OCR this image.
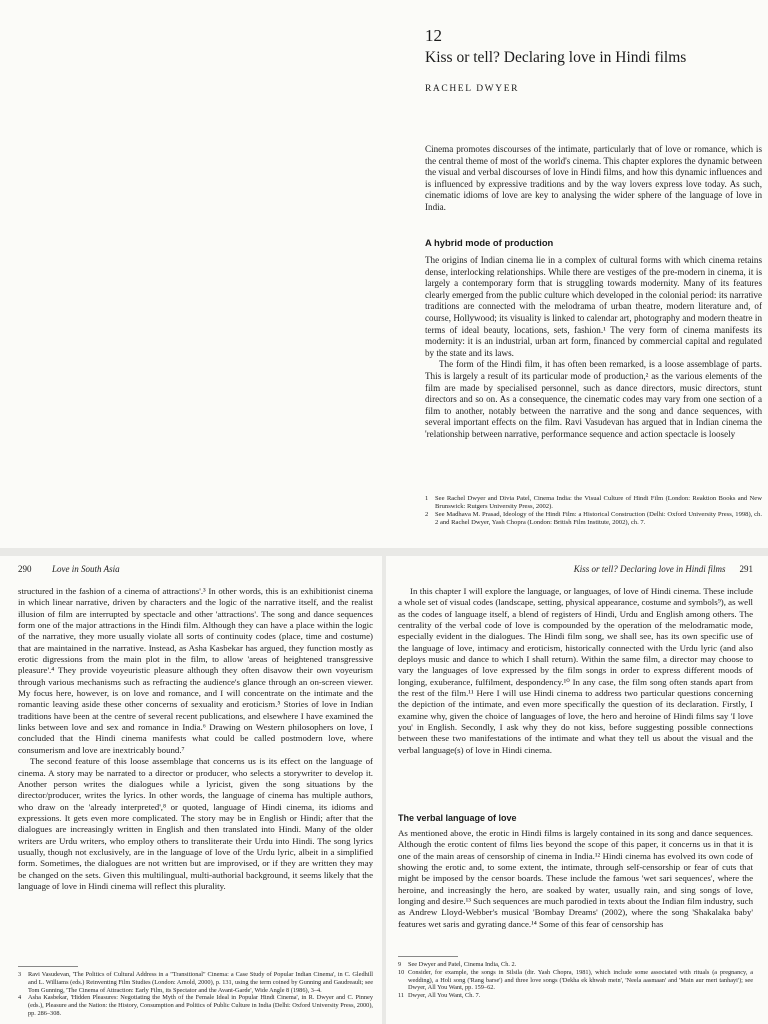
12
Kiss or tell? Declaring love in Hindi films
RACHEL DWYER

Cinema promotes discourses of the intimate, particularly that of love or romance, which is the central theme of most of the world's cinema. This chapter explores the dynamic between the visual and verbal discourses of love in Hindi films, and how this dynamic influences and is influenced by expressive traditions and by the way lovers express love today. As such, cinematic idioms of love are key to analysing the wider sphere of the language of love in India.

A hybrid mode of production

The origins of Indian cinema lie in a complex of cultural forms with which cinema retains dense, interlocking relationships. While there are vestiges of the pre-modern in cinema, it is largely a contemporary form that is struggling towards modernity. Many of its features clearly emerged from the public culture which developed in the colonial period: its narrative traditions are connected with the melodrama of urban theatre, modern literature and, of course, Hollywood; its visuality is linked to calendar art, photography and modern theatre in terms of ideal beauty, locations, sets, fashion.¹ The very form of cinema manifests its modernity: it is an industrial, urban art form, financed by commercial capital and regulated by the state and its laws.

The form of the Hindi film, it has often been remarked, is a loose assemblage of parts. This is largely a result of its particular mode of production,² as the various elements of the film are made by specialised personnel, such as dance directors, music directors, stunt directors and so on. As a consequence, the cinematic codes may vary from one section of a film to another, notably between the narrative and the song and dance sequences, with several important effects on the film. Ravi Vasudevan has argued that in Indian cinema the 'relationship between narrative, performance sequence and action spectacle is loosely

1	See Rachel Dwyer and Divia Patel, Cinema India: the Visual Culture of Hindi Film (London: Reaktion Books and New Brunswick: Rutgers University Press, 2002).
2	See Madhava M. Prasad, Ideology of the Hindi Film: a Historical Construction (Delhi: Oxford University Press, 1998), ch. 2 and Rachel Dwyer, Yash Chopra (London: British Film Institute, 2002), ch. 7.
290 Love in South Asia

structured in the fashion of a cinema of attractions'.³ In other words, this is an exhibitionist cinema in which linear narrative, driven by characters and the logic of the narrative itself, and the realist illusion of film are interrupted by spectacle and other 'attractions'. The song and dance sequences form one of the major attractions in the Hindi film. Although they can have a place within the logic of the narrative, they more usually violate all sorts of continuity codes (place, time and costume) that are maintained in the narrative. Instead, as Asha Kasbekar has argued, they function mostly as erotic digressions from the main plot in the film, to allow 'areas of heightened transgressive pleasure'.⁴ They provide voyeuristic pleasure although they often disavow their own voyeurism through various mechanisms such as refracting the audience's glance through an on-screen viewer. My focus here, however, is on love and romance, and I will concentrate on the intimate and the romantic leaving aside these other concerns of sexuality and eroticism.⁵ Stories of love in Indian traditions have been at the centre of several recent publications, and elsewhere I have examined the links between love and sex and romance in India.⁶ Drawing on Western philosophers on love, I concluded that the Hindi cinema manifests what could be called postmodern love, where consumerism and love are inextricably bound.⁷

The second feature of this loose assemblage that concerns us is its effect on the language of cinema. A story may be narrated to a director or producer, who selects a storywriter to develop it. Another person writes the dialogues while a lyricist, given the song situations by the director/producer, writes the lyrics. In other words, the language of cinema has multiple authors, who draw on the 'already interpreted',⁸ or quoted, language of Hindi cinema, its idioms and expressions. It gets even more complicated. The story may be in English or Hindi; after that the dialogues are increasingly written in English and then translated into Hindi. Many of the older writers are Urdu writers, who employ others to transliterate their Urdu into Hindi. The song lyrics usually, though not exclusively, are in the language of love of the Urdu lyric, albeit in a simplified form. Sometimes, the dialogues are not written but are improvised, or if they are written they may be changed on the sets. Given this multilingual, multi-authorial background, it seems likely that the language of love in Hindi cinema will reflect this plurality.

3	Ravi Vasudevan, 'The Politics of Cultural Address in a "Transitional" Cinema: a Case Study of Popular Indian Cinema', in C. Gledhill and L. Williams (eds.) Reinventing Film Studies (London: Arnold, 2000), p. 131, using the term coined by Gunning and Gaudreault; see Tom Gunning, 'The Cinema of Attraction: Early Film, its Spectator and the Avant-Garde', Wide Angle 8 (1986), 3–4.
4	Asha Kasbekar, 'Hidden Pleasures: Negotiating the Myth of the Female Ideal in Popular Hindi Cinema', in R. Dwyer and C. Pinney (eds.), Pleasure and the Nation: the History, Consumption and Politics of Public Culture in India (Delhi: Oxford University Press, 2000), pp. 286–308.
Kiss or tell? Declaring love in Hindi films 291

In this chapter I will explore the language, or languages, of love of Hindi cinema. These include a whole set of visual codes (landscape, setting, physical appearance, costume and symbols⁹), as well as the codes of language itself, a blend of registers of Hindi, Urdu and English among others. The centrality of the verbal code of love is compounded by the operation of the melodramatic mode, especially evident in the dialogues. The Hindi film song, we shall see, has its own specific use of the language of love, intimacy and eroticism, historically connected with the Urdu lyric (and also deploys music and dance to which I shall return). Within the same film, a director may choose to vary the languages of love expressed by the film songs in order to express different moods of longing, exuberance, fulfilment, despondency.¹⁰ In any case, the film song often stands apart from the rest of the film.¹¹ Here I will use Hindi cinema to address two particular questions concerning the depiction of the intimate, and even more specifically the question of its declaration. Firstly, I examine why, given the choice of languages of love, the hero and heroine of Hindi films say 'I love you' in English. Secondly, I ask why they do not kiss, before suggesting possible connections between these two manifestations of the intimate and what they tell us about the visual and the verbal language(s) of love in Hindi cinema.

The verbal language of love

As mentioned above, the erotic in Hindi films is largely contained in its song and dance sequences. Although the erotic content of films lies beyond the scope of this paper, it concerns us in that it is one of the main areas of censorship of cinema in India.¹² Hindi cinema has evolved its own code of showing the erotic and, to some extent, the intimate, through self-censorship or fear of cuts that might be imposed by the censor boards. These include the famous 'wet sari sequences', where the heroine, and increasingly the hero, are soaked by water, usually rain, and sing songs of love, longing and desire.¹³ Such sequences are much parodied in texts about the Indian film industry, such as Andrew Lloyd-Webber's musical 'Bombay Dreams' (2002), where the song 'Shakalaka baby' features wet saris and gyrating dance.¹⁴ Some of this fear of censorship has

9	See Dwyer and Patel, Cinema India, Ch. 2.
10 Consider, for example, the songs in Silsila (dir. Yash Chopra, 1981), which include some associated with rituals (a pregnancy, a wedding), a Holi song ('Rang barse') and three love songs ('Dekha ek khwab mein', 'Neela aasmaan' and 'Main aur meri tanhayi'); see Dwyer, All You Want, pp. 159–62.
11 Dwyer, All You Want, Ch. 7.
